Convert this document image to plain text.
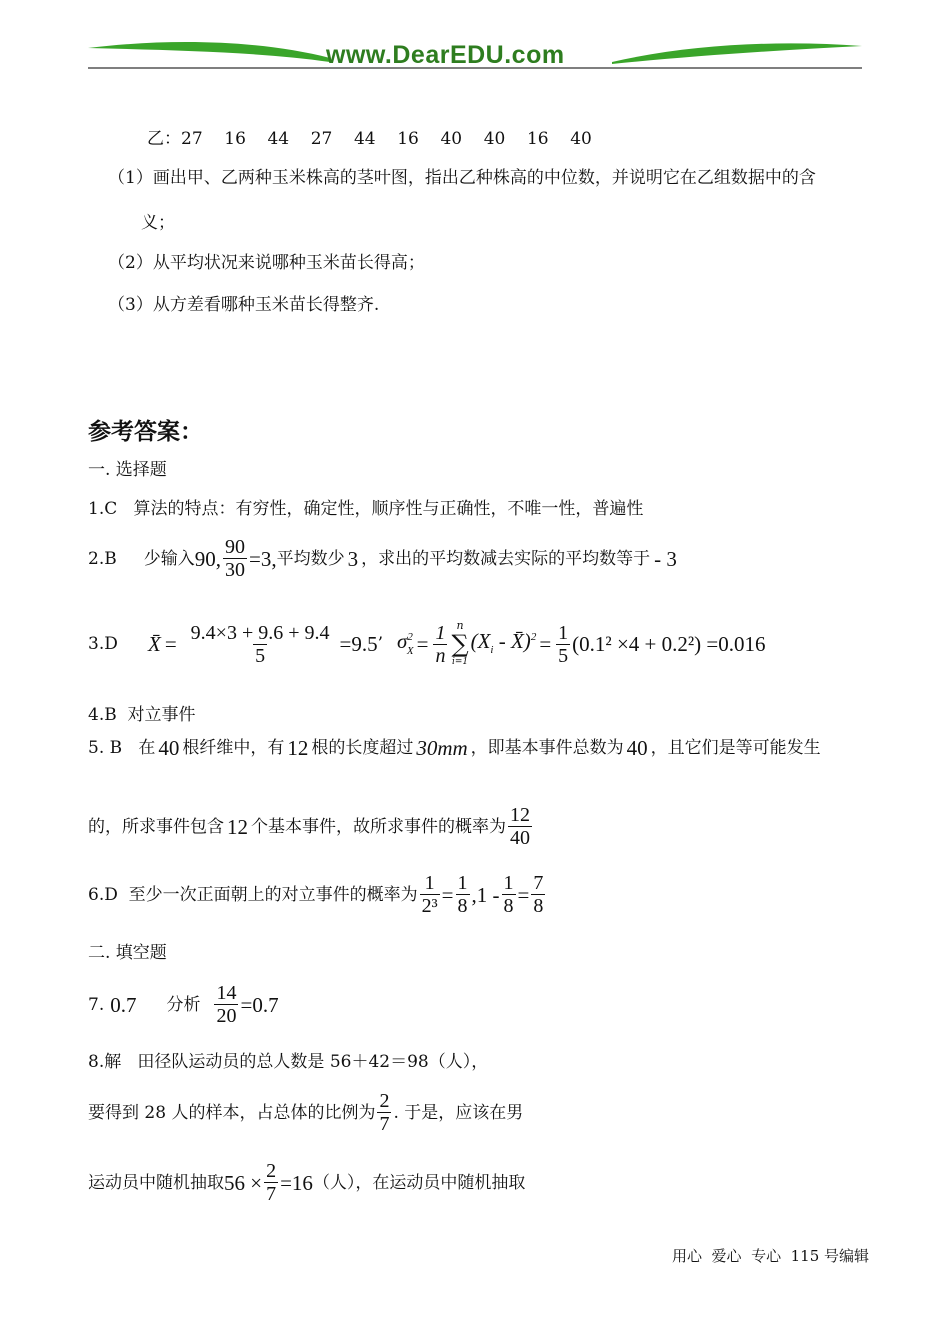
www.DearEDU.com
乙：27    16    44    27    44    16    40    40    16    40
（1）画出甲、乙两种玉米株高的茎叶图，指出乙种株高的中位数，并说明它在乙组数据中的含
义；
（2）从平均状况来说哪种玉米苗长得高；
（3）从方差看哪种玉米苗长得整齐.
参考答案：
一. 选择题
1.C   算法的特点：有穷性，确定性，顺序性与正确性，不唯一性，普遍性
2.B     少输入 90, $\frac{90}{30} =3$, 平均数少 3 ，求出的平均数减去实际的平均数等于 - 3
3.D	X̄ = $\frac{9.4\times 3 + 9.6 + 9.4}{5} =9.5$ ’ $\sigma^2_X = \frac{1}{n}$ n
∑
i=1
($X_i$ - X̄)$^2$ = $\frac{1}{5} (0.1^2 \times 4 + 0.2^2) =0.016$
4.B  对立事件
5. B   在 40 根纤维中，有 12 根的长度超过 30mm ，即基本事件总数为 40 ，且它们是等可能发生
的，所求事件包含 12 个基本事件，故所求事件的概率为 $\frac{12}{40}$
6.D  至少一次正面朝上的对立事件的概率为 $\frac{1}{\text{2³}} = \frac{1}{8} ,1 - \frac{1}{8} = \frac{7}{8}$
二. 填空题
7. 0.7 分析 $\frac{14}{20} =0.7$
8.解   田径队运动员的总人数是 56＋42＝98（人），
要得到 28 人的样本，占总体的比例为 $\frac{2}{7}$ . 于是，应该在男
运动员中随机抽取 $56 \times \frac{2}{7} =16$ （人），在运动员中随机抽取
用心  爱心  专心  115 号编辑
